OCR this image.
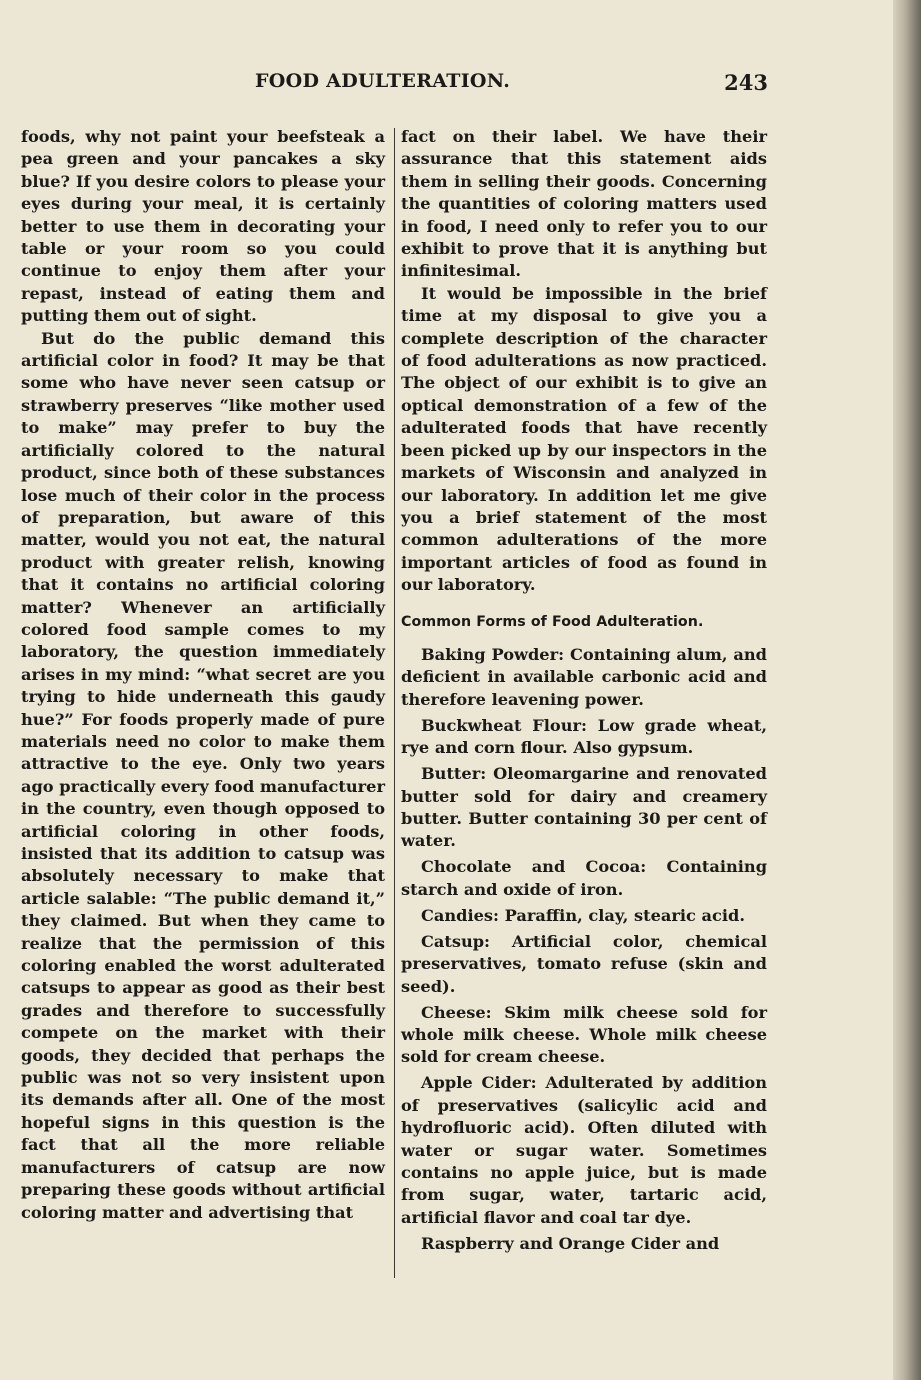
FOOD ADULTERATION.	243

foods, why not paint your beefsteak a pea green and your pancakes a sky blue? If you desire colors to please your eyes during your meal, it is certainly better to use them in decorating your table or your room so you could continue to enjoy them after your repast, instead of eating them and putting them out of sight.

But do the public demand this artificial color in food? It may be that some who have never seen catsup or strawberry preserves “like mother used to make” may prefer to buy the artificially colored to the natural product, since both of these substances lose much of their color in the process of preparation, but aware of this matter, would you not eat, the natural product with greater relish, knowing that it contains no artificial coloring matter? Whenever an artificially colored food sample comes to my laboratory, the question immediately arises in my mind: “what secret are you trying to hide underneath this gaudy hue?” For foods properly made of pure materials need no color to make them attractive to the eye. Only two years ago practically every food manufacturer in the country, even though opposed to artificial coloring in other foods, insisted that its addition to catsup was absolutely necessary to make that article salable: “The public demand it,” they claimed. But when they came to realize that the permission of this coloring enabled the worst adulterated catsups to appear as good as their best grades and therefore to successfully compete on the market with their goods, they decided that perhaps the public was not so very insistent upon its demands after all. One of the most hopeful signs in this question is the fact that all the more reliable manufacturers of catsup are now preparing these goods without artificial coloring matter and advertising that

fact on their label. We have their assurance that this statement aids them in selling their goods. Concerning the quantities of coloring matters used in food, I need only to refer you to our exhibit to prove that it is anything but infinitesimal.

It would be impossible in the brief time at my disposal to give you a complete description of the character of food adulterations as now practiced. The object of our exhibit is to give an optical demonstration of a few of the adulterated foods that have recently been picked up by our inspectors in the markets of Wisconsin and analyzed in our laboratory. In addition let me give you a brief statement of the most common adulterations of the more important articles of food as found in our laboratory.

Common Forms of Food Adulteration.

Baking Powder: Containing alum, and deficient in available carbonic acid and therefore leavening power.

Buckwheat Flour: Low grade wheat, rye and corn flour. Also gypsum.

Butter: Oleomargarine and renovated butter sold for dairy and creamery butter. Butter containing 30 per cent of water.

Chocolate and Cocoa: Containing starch and oxide of iron.

Candies: Paraffin, clay, stearic acid.

Catsup: Artificial color, chemical preservatives, tomato refuse (skin and seed).

Cheese: Skim milk cheese sold for whole milk cheese. Whole milk cheese sold for cream cheese.

Apple Cider: Adulterated by addition of preservatives (salicylic acid and hydrofluoric acid). Often diluted with water or sugar water. Sometimes contains no apple juice, but is made from sugar, water, tartaric acid, artificial flavor and coal tar dye.

Raspberry and Orange Cider and
